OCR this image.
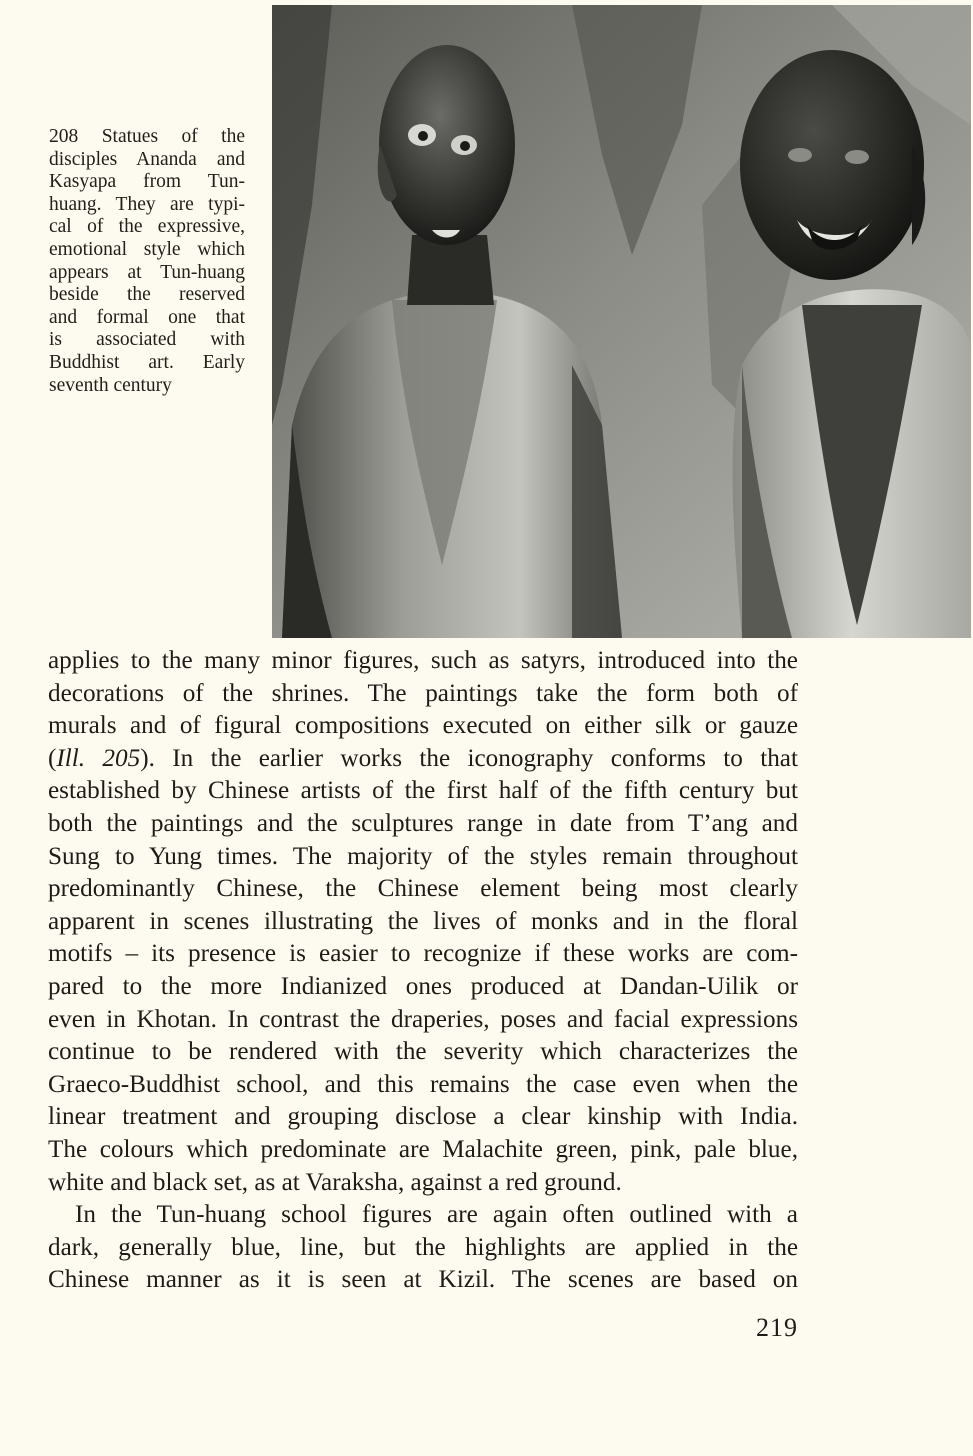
208 Statues of the
disciples Ananda and
Kasyapa from Tun-
huang. They are typi-
cal of the expressive,
emotional style which
appears at Tun-huang
beside the reserved
and formal one that
is associated with
Buddhist art. Early
seventh century
applies to the many minor figures, such as satyrs, introduced into the
decorations of the shrines. The paintings take the form both of
murals and of figural compositions executed on either silk or gauze
(Ill. 205). In the earlier works the iconography conforms to that
established by Chinese artists of the first half of the fifth century but
both the paintings and the sculptures range in date from T’ang and
Sung to Yung times. The majority of the styles remain throughout
predominantly Chinese, the Chinese element being most clearly
apparent in scenes illustrating the lives of monks and in the floral
motifs – its presence is easier to recognize if these works are com-
pared to the more Indianized ones produced at Dandan-Uilik or
even in Khotan. In contrast the draperies, poses and facial expressions
continue to be rendered with the severity which characterizes the
Graeco-Buddhist school, and this remains the case even when the
linear treatment and grouping disclose a clear kinship with India.
The colours which predominate are Malachite green, pink, pale blue,
white and black set, as at Varaksha, against a red ground.
In the Tun-huang school figures are again often outlined with a
dark, generally blue, line, but the highlights are applied in the
Chinese manner as it is seen at Kizil. The scenes are based on
219
